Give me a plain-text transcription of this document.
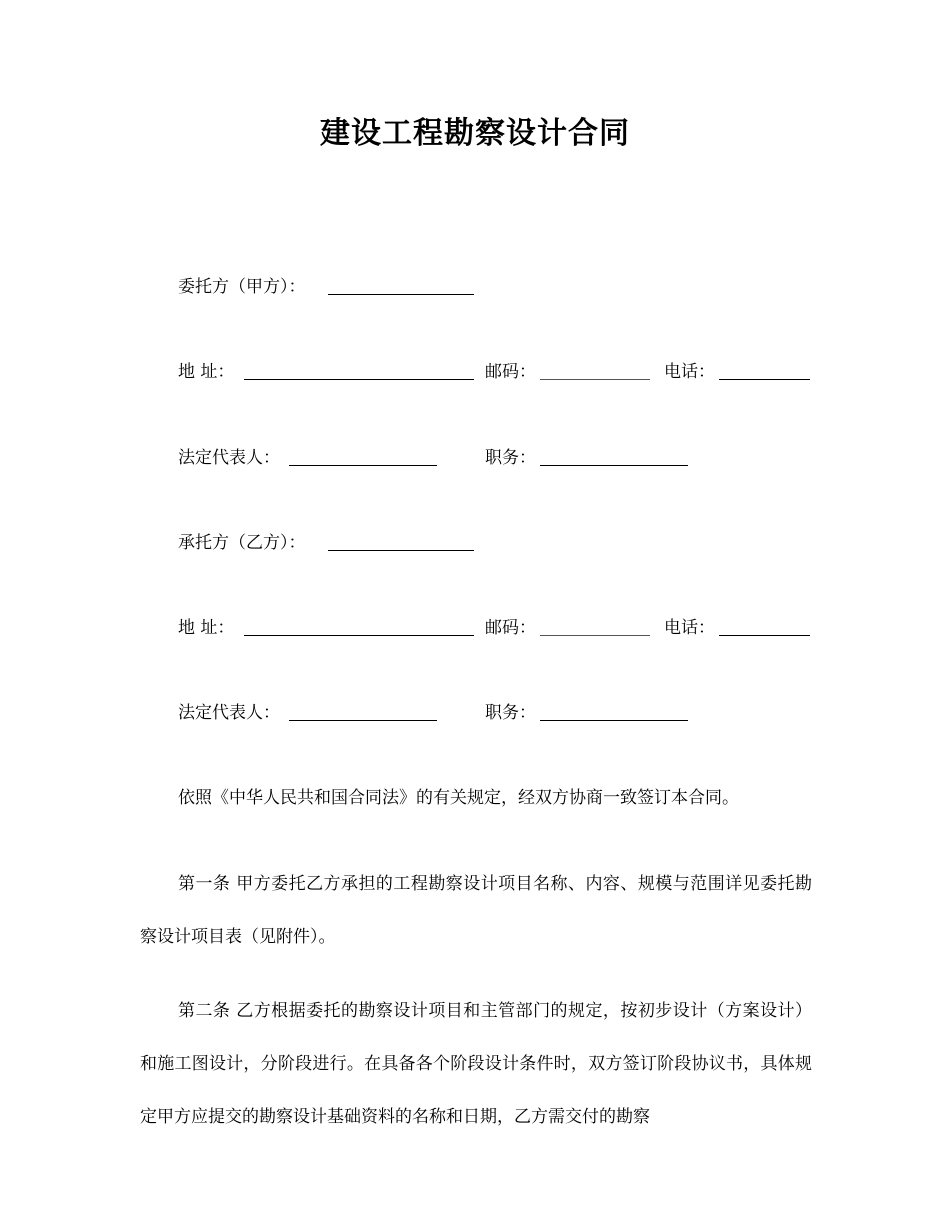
建设工程勘察设计合同
委托方（甲方）：
地 址：	邮码：	电话：
法定代表人：	职务：
承托方（乙方）：
地 址：	邮码：	电话：
法定代表人：	职务：
依照《中华人民共和国合同法》的有关规定，经双方协商一致签订本合同。
第一条 甲方委托乙方承担的工程勘察设计项目名称、内容、规模与范围详见委托勘察设计项目表（见附件）。
第二条 乙方根据委托的勘察设计项目和主管部门的规定，按初步设计（方案设计）和施工图设计，分阶段进行。在具备各个阶段设计条件时，双方签订阶段协议书，具体规定甲方应提交的勘察设计基础资料的名称和日期，乙方需交付的勘察
